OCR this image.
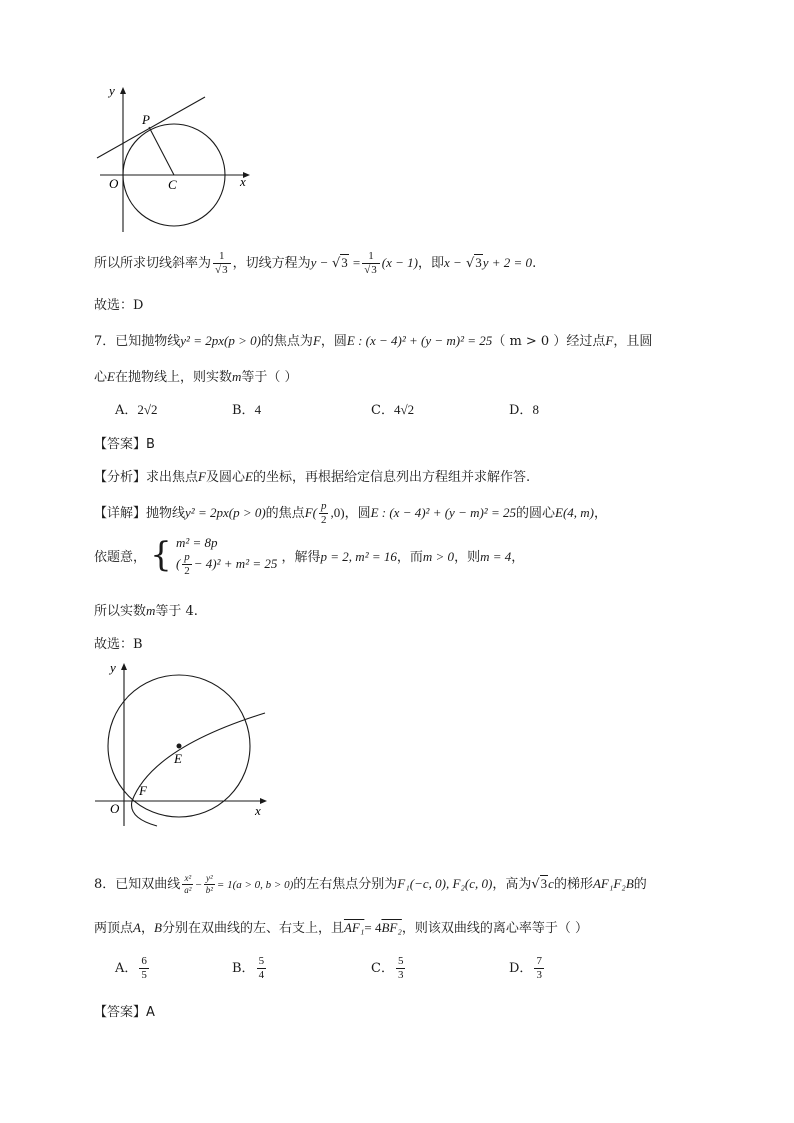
y
x
O
P
C
所以所求切线斜率为 $\frac{1}{√3}$ ，切线方程为$y - √3 = \frac{1}{√3} (x - 1)$，即x − √3y + 2 = 0.
故选：D
7．已知抛物线y² = 2px(p > 0)的焦点为F，圆E : (x − 4)² + (y − m)² = 25（ m > 0 ）经过点F，且圆
心E在抛物线上，则实数m等于（ ）
A．2√2	B．4	C．4√2	D．8
【答案】B
【分析】求出焦点F及圆心E的坐标，再根据给定信息列出方程组并求解作答.
【详解】抛物线y² = 2px(p > 0)的焦点$F( \frac{p}{2} ,0)$，圆E : (x − 4)² + (y − m)² = 25的圆心E(4, m)，
依题意， { m² = 8p
( $\frac{p}{2} - 4)^2 + m^2 = 25$ ，解得p = 2, m² = 16，而m > 0，则m = 4，
所以实数m等于 4.
故选：B
y
x
O
F
E
8．已知双曲线 $\frac{\text{x²}}{\text{a²}} - \frac{\text{y²}}{\text{b²}} = 1(a > 0$, b > 0)的左右焦点分别为F₁(−c, 0), F₂(c, 0)，高为√3c的梯形AF₁F₂B的
两顶点A，B分别在双曲线的左、右支上，且AF₁= 4BF₂，则该双曲线的离心率等于（ ）
A． $\frac{6}{5}$	B． $\frac{5}{4}$	C． $\frac{5}{3}$	D． $\frac{7}{3}$
【答案】A
